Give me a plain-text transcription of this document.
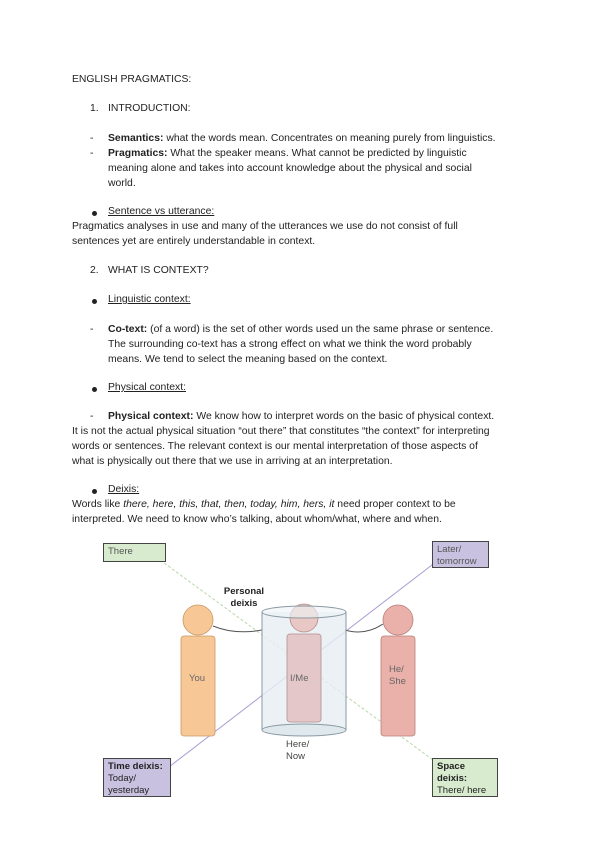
ENGLISH PRAGMATICS:
1. INTRODUCTION:
- Semantics: what the words mean. Concentrates on meaning purely from linguistics.
- Pragmatics: What the speaker means. What cannot be predicted by linguistic
meaning alone and takes into account knowledge about the physical and social
world.
Sentence vs utterance:
Pragmatics analyses in use and many of the utterances we use do not consist of full
sentences yet are entirely understandable in context.
2. WHAT IS CONTEXT?
Linguistic context:
- Co-text: (of a word) is the set of other words used un the same phrase or sentence.
The surrounding co-text has a strong effect on what we think the word probably
means. We tend to select the meaning based on the context.
Physical context:
- Physical context: We know how to interpret words on the basic of physical context.
It is not the actual physical situation “out there” that constitutes “the context” for interpreting
words or sentences. The relevant context is our mental interpretation of those aspects of
what is physically out there that we use in arriving at an interpretation.
Deixis:
Words like there, here, this, that, then, today, him, hers, it need proper context to be
interpreted. We need to know who’s talking, about whom/what, where and when.
There	Later/
tomorrow
Personal
deixis
You	I/Me
He/
She
Here/
Now
Time deixis:
Today/
yesterday
Space
deixis:
There/ here
